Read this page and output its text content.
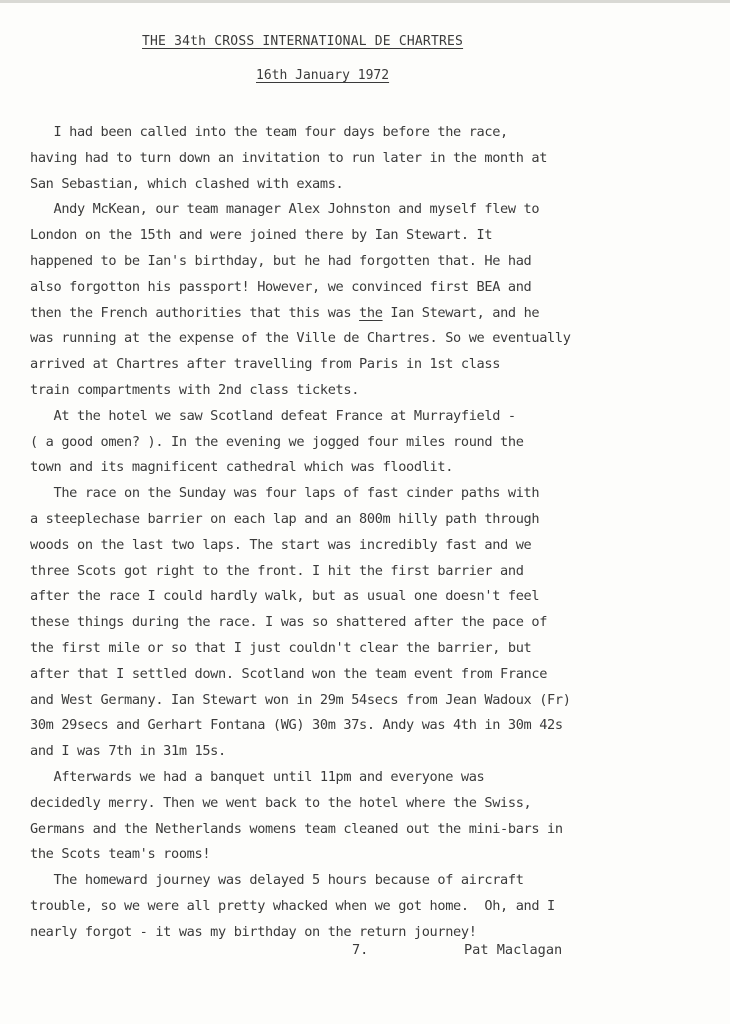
THE 34th CROSS INTERNATIONAL DE CHARTRES
16th January 1972
I had been called into the team four days before the race,
having had to turn down an invitation to run later in the month at
San Sebastian, which clashed with exams.
Andy McKean, our team manager Alex Johnston and myself flew to
London on the 15th and were joined there by Ian Stewart. It
happened to be Ian's birthday, but he had forgotten that. He had
also forgotton his passport! However, we convinced first BEA and
then the French authorities that this was the Ian Stewart, and he
was running at the expense of the Ville de Chartres. So we eventually
arrived at Chartres after travelling from Paris in 1st class
train compartments with 2nd class tickets.
At the hotel we saw Scotland defeat France at Murrayfield -
( a good omen? ). In the evening we jogged four miles round the
town and its magnificent cathedral which was floodlit.
The race on the Sunday was four laps of fast cinder paths with
a steeplechase barrier on each lap and an 800m hilly path through
woods on the last two laps. The start was incredibly fast and we
three Scots got right to the front. I hit the first barrier and
after the race I could hardly walk, but as usual one doesn't feel
these things during the race. I was so shattered after the pace of
the first mile or so that I just couldn't clear the barrier, but
after that I settled down. Scotland won the team event from France
and West Germany. Ian Stewart won in 29m 54secs from Jean Wadoux (Fr)
30m 29secs and Gerhart Fontana (WG) 30m 37s. Andy was 4th in 30m 42s
and I was 7th in 31m 15s.
Afterwards we had a banquet until 11pm and everyone was
decidedly merry. Then we went back to the hotel where the Swiss,
Germans and the Netherlands womens team cleaned out the mini-bars in
the Scots team's rooms!
The homeward journey was delayed 5 hours because of aircraft
trouble, so we were all pretty whacked when we got home.  Oh, and I
nearly forgot - it was my birthday on the return journey!
7.	Pat Maclagan
